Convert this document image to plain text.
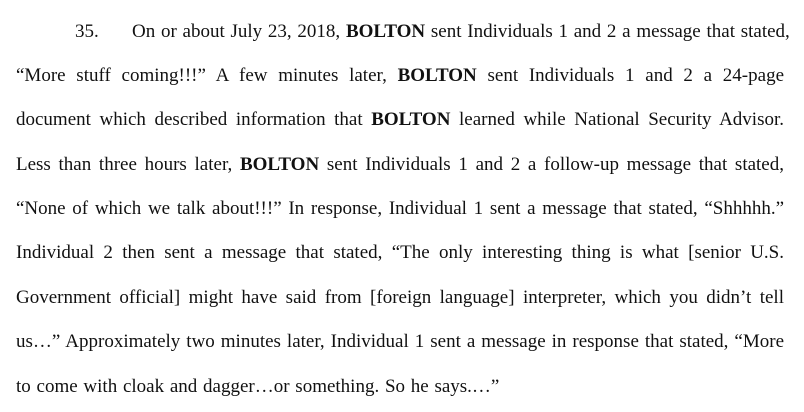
35. On or about July 23, 2018, BOLTON sent Individuals 1 and 2 a message that stated,
“More stuff coming!!!” A few minutes later, BOLTON sent Individuals 1 and 2 a 24-page
document which described information that BOLTON learned while National Security Advisor.
Less than three hours later, BOLTON sent Individuals 1 and 2 a follow-up message that stated,
“None of which we talk about!!!” In response, Individual 1 sent a message that stated, “Shhhhh.”
Individual 2 then sent a message that stated, “The only interesting thing is what [senior U.S.
Government official] might have said from [foreign language] interpreter, which you didn’t tell
us…” Approximately two minutes later, Individual 1 sent a message in response that stated, “More
to come with cloak and dagger…or something. So he says.…”
